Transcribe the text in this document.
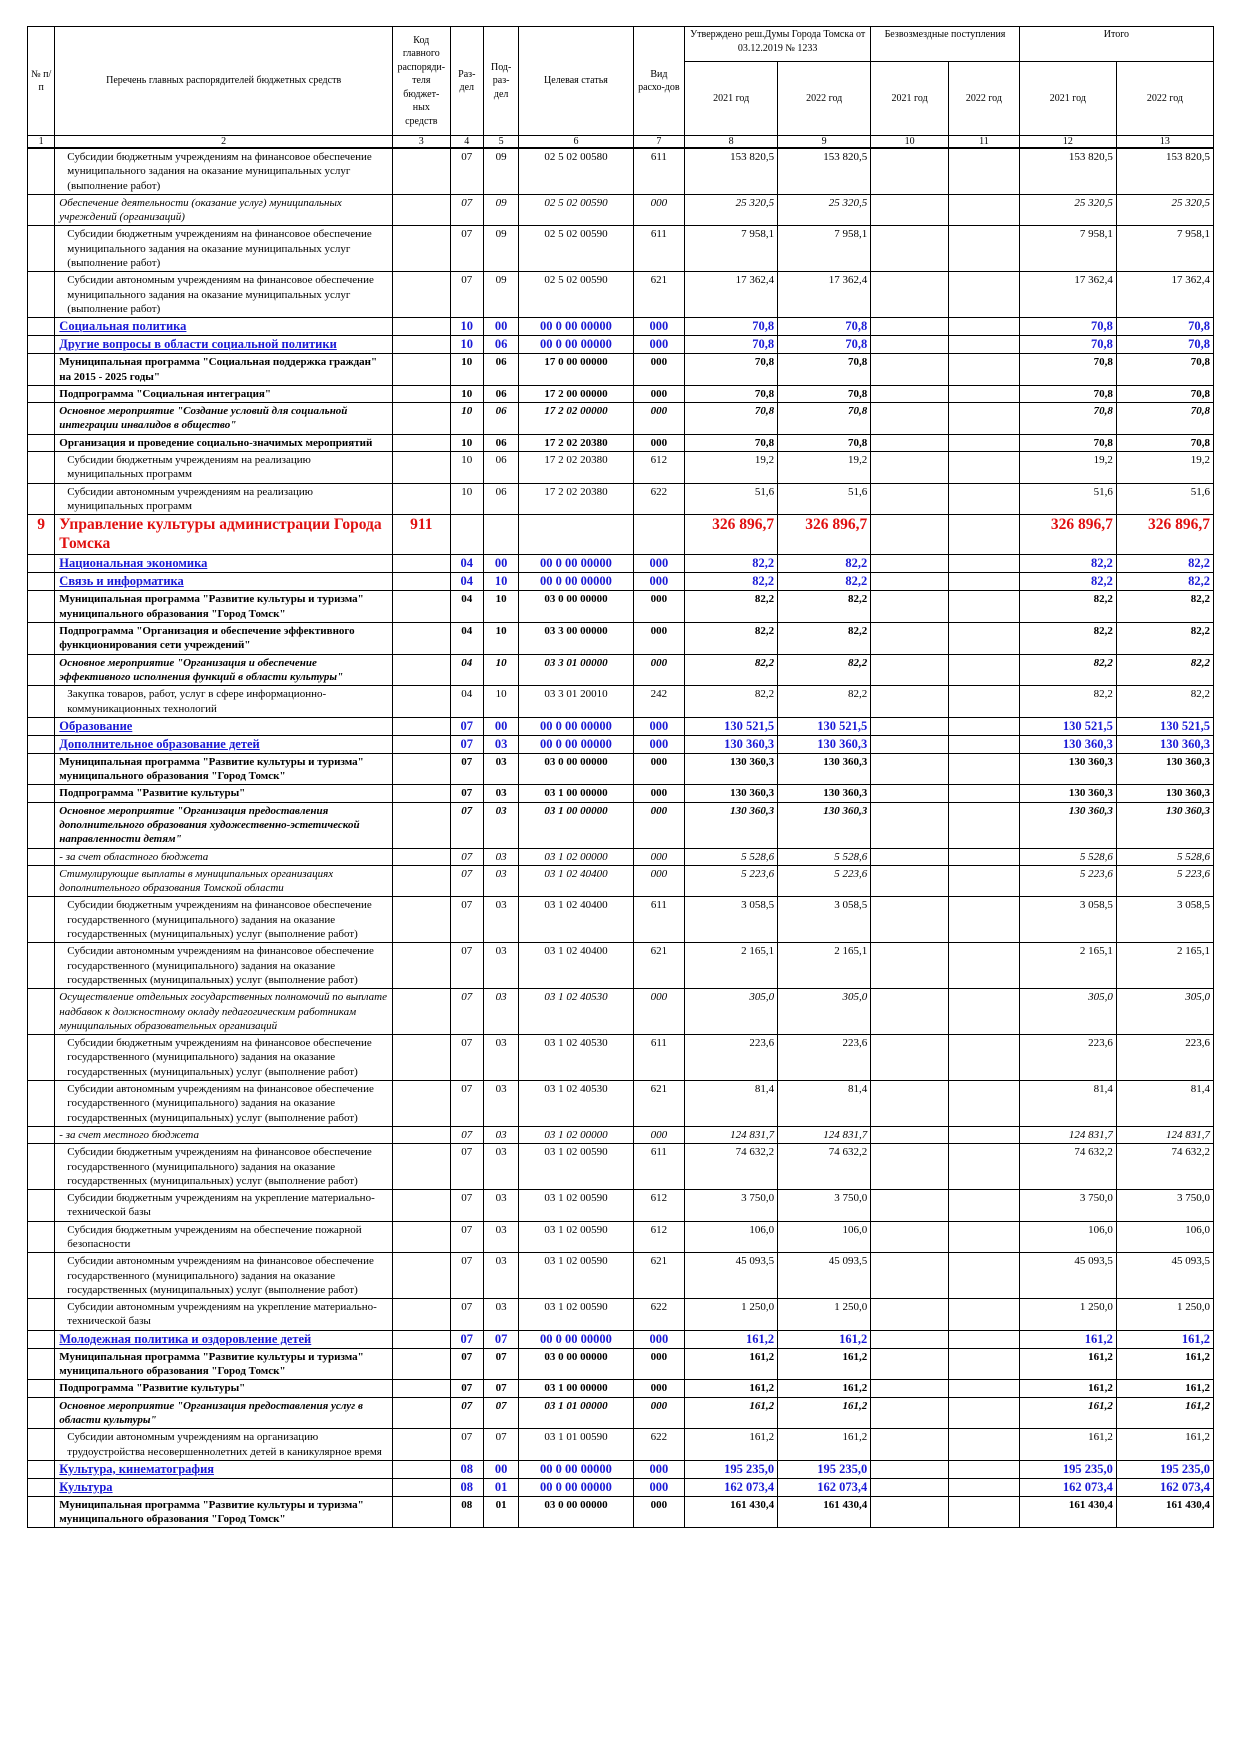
№ п/п	Перечень главных распорядителей бюджетных средств	Код главного распоряди-теля бюджет-ных средств	Раз-дел	Под-раз-дел	Целевая статья	Вид расхо-дов	Утверждено реш.Думы Города Томска от 03.12.2019 № 1233		Безвозмездные поступления		Итого	
							2021 год	2022 год	2021 год	2022 год	2021 год	2022 год
1	2	3	4	5	6	7	8	9	10	11	12	13
	Субсидии бюджетным учреждениям на финансовое обеспечение муниципального задания на оказание муниципальных услуг (выполнение работ)		07	09	02 5 02 00580	611	153 820,5	153 820,5			153 820,5	153 820,5
	Обеспечение деятельности (оказание услуг) муниципальных учреждений (организаций)		07	09	02 5 02 00590	000	25 320,5	25 320,5			25 320,5	25 320,5
	Субсидии бюджетным учреждениям на финансовое обеспечение муниципального задания на оказание муниципальных услуг (выполнение работ)		07	09	02 5 02 00590	611	7 958,1	7 958,1			7 958,1	7 958,1
	Субсидии автономным учреждениям на финансовое обеспечение муниципального задания на оказание муниципальных услуг (выполнение работ)		07	09	02 5 02 00590	621	17 362,4	17 362,4			17 362,4	17 362,4
	Социальная политика		10	00	00 0 00 00000	000	70,8	70,8			70,8	70,8
	Другие вопросы в области социальной политики		10	06	00 0 00 00000	000	70,8	70,8			70,8	70,8
	Муниципальная программа "Социальная поддержка граждан" на 2015 - 2025 годы"		10	06	17 0 00 00000	000	70,8	70,8			70,8	70,8
	Подпрограмма "Социальная интеграция"		10	06	17 2 00 00000	000	70,8	70,8			70,8	70,8
	Основное мероприятие "Создание условий для социальной интеграции инвалидов в общество"		10	06	17 2 02 00000	000	70,8	70,8			70,8	70,8
	Организация и проведение социально-значимых мероприятий		10	06	17 2 02 20380	000	70,8	70,8			70,8	70,8
	Субсидии бюджетным учреждениям на реализацию муниципальных программ		10	06	17 2 02 20380	612	19,2	19,2			19,2	19,2
	Субсидии автономным учреждениям на реализацию муниципальных программ		10	06	17 2 02 20380	622	51,6	51,6			51,6	51,6
9	Управление культуры администрации Города Томска	911					326 896,7	326 896,7			326 896,7	326 896,7
	Национальная экономика		04	00	00 0 00 00000	000	82,2	82,2			82,2	82,2
	Связь и информатика		04	10	00 0 00 00000	000	82,2	82,2			82,2	82,2
	Муниципальная программа "Развитие культуры и туризма" муниципального образования "Город Томск"		04	10	03 0 00 00000	000	82,2	82,2			82,2	82,2
	Подпрограмма "Организация и обеспечение эффективного функционирования сети учреждений"		04	10	03 3 00 00000	000	82,2	82,2			82,2	82,2
	Основное мероприятие "Организация и обеспечение эффективного исполнения функций в области культуры"		04	10	03 3 01 00000	000	82,2	82,2			82,2	82,2
	Закупка товаров, работ, услуг в сфере информационно-коммуникационных технологий		04	10	03 3 01 20010	242	82,2	82,2			82,2	82,2
	Образование		07	00	00 0 00 00000	000	130 521,5	130 521,5			130 521,5	130 521,5
	Дополнительное образование детей		07	03	00 0 00 00000	000	130 360,3	130 360,3			130 360,3	130 360,3
	Муниципальная программа "Развитие культуры и туризма" муниципального образования "Город Томск"		07	03	03 0 00 00000	000	130 360,3	130 360,3			130 360,3	130 360,3
	Подпрограмма "Развитие культуры"		07	03	03 1 00 00000	000	130 360,3	130 360,3			130 360,3	130 360,3
	Основное мероприятие "Организация предоставления дополнительного образования художественно-эстетической направленности детям"		07	03	03 1 00 00000	000	130 360,3	130 360,3			130 360,3	130 360,3
	- за счет областного бюджета		07	03	03 1 02 00000	000	5 528,6	5 528,6			5 528,6	5 528,6
	Стимулирующие выплаты в муниципальных организациях дополнительного образования Томской области		07	03	03 1 02 40400	000	5 223,6	5 223,6			5 223,6	5 223,6
	Субсидии бюджетным учреждениям на финансовое обеспечение государственного (муниципального) задания на оказание государственных (муниципальных) услуг (выполнение работ)		07	03	03 1 02 40400	611	3 058,5	3 058,5			3 058,5	3 058,5
	Субсидии автономным учреждениям на финансовое обеспечение государственного (муниципального) задания на оказание государственных (муниципальных) услуг (выполнение работ)		07	03	03 1 02 40400	621	2 165,1	2 165,1			2 165,1	2 165,1
	Осуществление отдельных государственных полномочий по выплате надбавок к должностному окладу педагогическим работникам муниципальных образовательных организаций		07	03	03 1 02 40530	000	305,0	305,0			305,0	305,0
	Субсидии бюджетным учреждениям на финансовое обеспечение государственного (муниципального) задания на оказание государственных (муниципальных) услуг (выполнение работ)		07	03	03 1 02 40530	611	223,6	223,6			223,6	223,6
	Субсидии автономным учреждениям на финансовое обеспечение государственного (муниципального) задания на оказание государственных (муниципальных) услуг (выполнение работ)		07	03	03 1 02 40530	621	81,4	81,4			81,4	81,4
	- за счет местного бюджета		07	03	03 1 02 00000	000	124 831,7	124 831,7			124 831,7	124 831,7
	Субсидии бюджетным учреждениям на финансовое обеспечение государственного (муниципального) задания на оказание государственных (муниципальных) услуг (выполнение работ)		07	03	03 1 02 00590	611	74 632,2	74 632,2			74 632,2	74 632,2
	Субсидии бюджетным учреждениям на укрепление материально-технической базы		07	03	03 1 02 00590	612	3 750,0	3 750,0			3 750,0	3 750,0
	Субсидия бюджетным учреждениям на обеспечение пожарной безопасности		07	03	03 1 02 00590	612	106,0	106,0			106,0	106,0
	Субсидии автономным учреждениям на финансовое обеспечение государственного (муниципального) задания на оказание государственных (муниципальных) услуг (выполнение работ)		07	03	03 1 02 00590	621	45 093,5	45 093,5			45 093,5	45 093,5
	Субсидии автономным учреждениям на укрепление материально-технической базы		07	03	03 1 02 00590	622	1 250,0	1 250,0			1 250,0	1 250,0
	Молодежная политика и оздоровление детей		07	07	00 0 00 00000	000	161,2	161,2			161,2	161,2
	Муниципальная программа "Развитие культуры и туризма" муниципального образования "Город Томск"		07	07	03 0 00 00000	000	161,2	161,2			161,2	161,2
	Подпрограмма "Развитие культуры"		07	07	03 1 00 00000	000	161,2	161,2			161,2	161,2
	Основное мероприятие "Организация предоставления услуг в области культуры"		07	07	03 1 01 00000	000	161,2	161,2			161,2	161,2
	Субсидии автономным учреждениям на организацию трудоустройства несовершеннолетних детей в каникулярное время		07	07	03 1 01 00590	622	161,2	161,2			161,2	161,2
	Культура, кинематография		08	00	00 0 00 00000	000	195 235,0	195 235,0			195 235,0	195 235,0
	Культура		08	01	00 0 00 00000	000	162 073,4	162 073,4			162 073,4	162 073,4
	Муниципальная программа "Развитие культуры и туризма" муниципального образования "Город Томск"		08	01	03 0 00 00000	000	161 430,4	161 430,4			161 430,4	161 430,4
